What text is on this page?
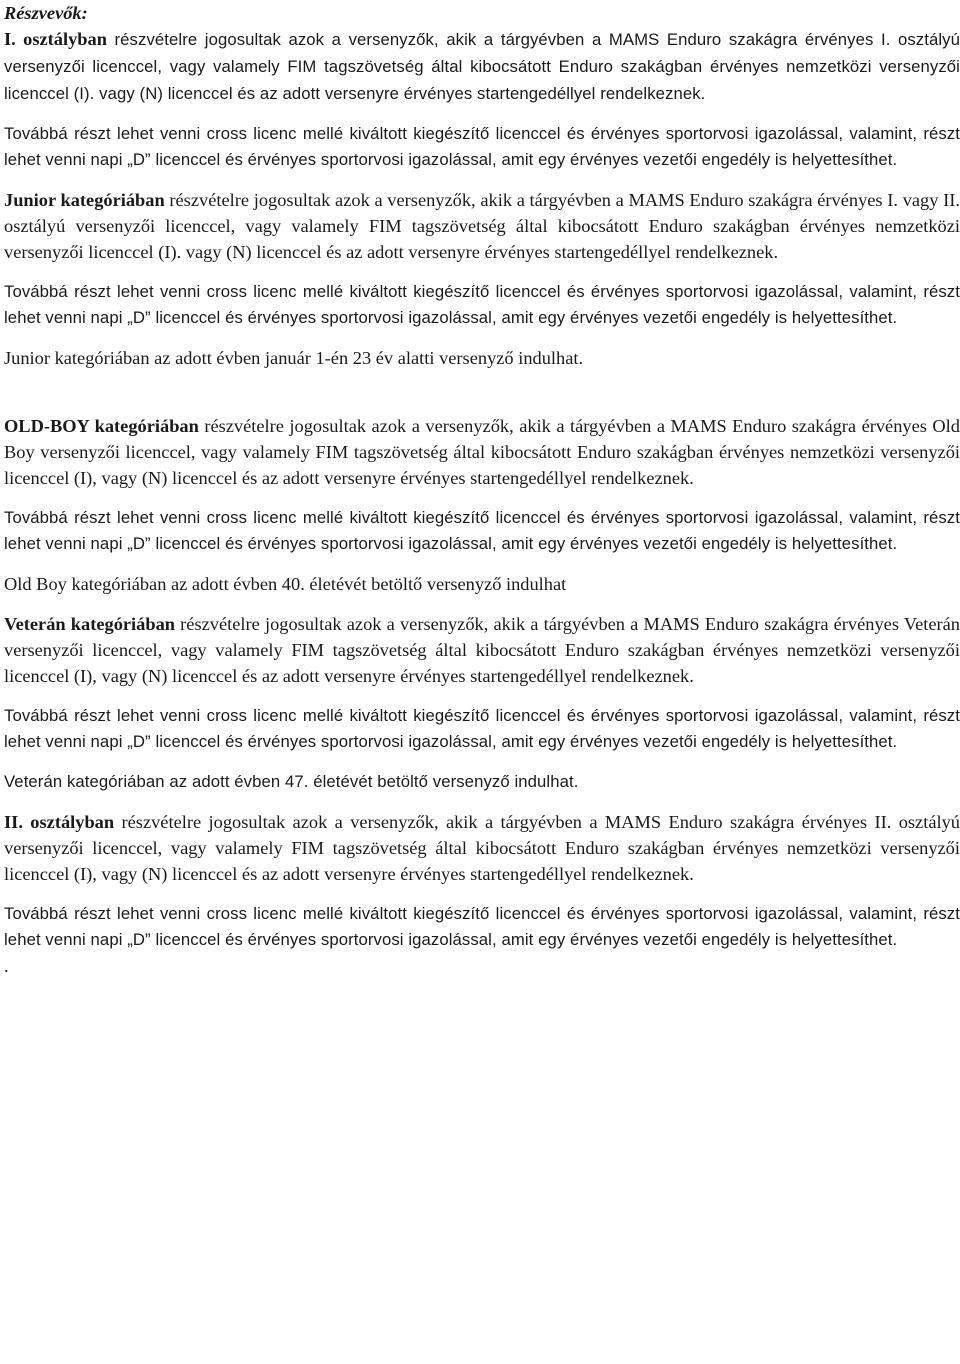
Részvevők:

I. osztályban részvételre jogosultak azok a versenyzők, akik a tárgyévben a MAMS Enduro szakágra érvényes I. osztályú versenyzői licenccel, vagy valamely FIM tagszövetség által kibocsátott Enduro szakágban érvényes nemzetközi versenyzői licenccel (I). vagy (N) licenccel és az adott versenyre érvényes startengedéllyel rendelkeznek.

Továbbá részt lehet venni cross licenc mellé kiváltott kiegészítő licenccel és érvényes sportorvosi igazolással, valamint, részt lehet venni napi „D” licenccel és érvényes sportorvosi igazolással, amit egy érvényes vezetői engedély is helyettesíthet.

Junior kategóriában részvételre jogosultak azok a versenyzők, akik a tárgyévben a MAMS Enduro szakágra érvényes I. vagy II. osztályú versenyzői licenccel, vagy valamely FIM tagszövetség által kibocsátott Enduro szakágban érvényes nemzetközi versenyzői licenccel (I). vagy (N) licenccel és az adott versenyre érvényes startengedéllyel rendelkeznek.

Továbbá részt lehet venni cross licenc mellé kiváltott kiegészítő licenccel és érvényes sportorvosi igazolással, valamint, részt lehet venni napi „D” licenccel és érvényes sportorvosi igazolással, amit egy érvényes vezetői engedély is helyettesíthet.

Junior kategóriában az adott évben január 1-én 23 év alatti versenyző indulhat.

OLD-BOY kategóriában részvételre jogosultak azok a versenyzők, akik a tárgyévben a MAMS Enduro szakágra érvényes Old Boy versenyzői licenccel, vagy valamely FIM tagszövetség által kibocsátott Enduro szakágban érvényes nemzetközi versenyzői licenccel (I), vagy (N) licenccel és az adott versenyre érvényes startengedéllyel rendelkeznek.

Továbbá részt lehet venni cross licenc mellé kiváltott kiegészítő licenccel és érvényes sportorvosi igazolással, valamint, részt lehet venni napi „D” licenccel és érvényes sportorvosi igazolással, amit egy érvényes vezetői engedély is helyettesíthet.

Old Boy kategóriában az adott évben 40. életévét betöltő versenyző indulhat

Veterán kategóriában részvételre jogosultak azok a versenyzők, akik a tárgyévben a MAMS Enduro szakágra érvényes Veterán versenyzői licenccel, vagy valamely FIM tagszövetség által kibocsátott Enduro szakágban érvényes nemzetközi versenyzői licenccel (I), vagy (N) licenccel és az adott versenyre érvényes startengedéllyel rendelkeznek.

Továbbá részt lehet venni cross licenc mellé kiváltott kiegészítő licenccel és érvényes sportorvosi igazolással, valamint, részt lehet venni napi „D” licenccel és érvényes sportorvosi igazolással, amit egy érvényes vezetői engedély is helyettesíthet.

Veterán kategóriában az adott évben 47. életévét betöltő versenyző indulhat.

II. osztályban részvételre jogosultak azok a versenyzők, akik a tárgyévben a MAMS Enduro szakágra érvényes II. osztályú versenyzői licenccel, vagy valamely FIM tagszövetség által kibocsátott Enduro szakágban érvényes nemzetközi versenyzői licenccel (I), vagy (N) licenccel és az adott versenyre érvényes startengedéllyel rendelkeznek.

Továbbá részt lehet venni cross licenc mellé kiváltott kiegészítő licenccel és érvényes sportorvosi igazolással, valamint, részt lehet venni napi „D” licenccel és érvényes sportorvosi igazolással, amit egy érvényes vezetői engedély is helyettesíthet.

.
